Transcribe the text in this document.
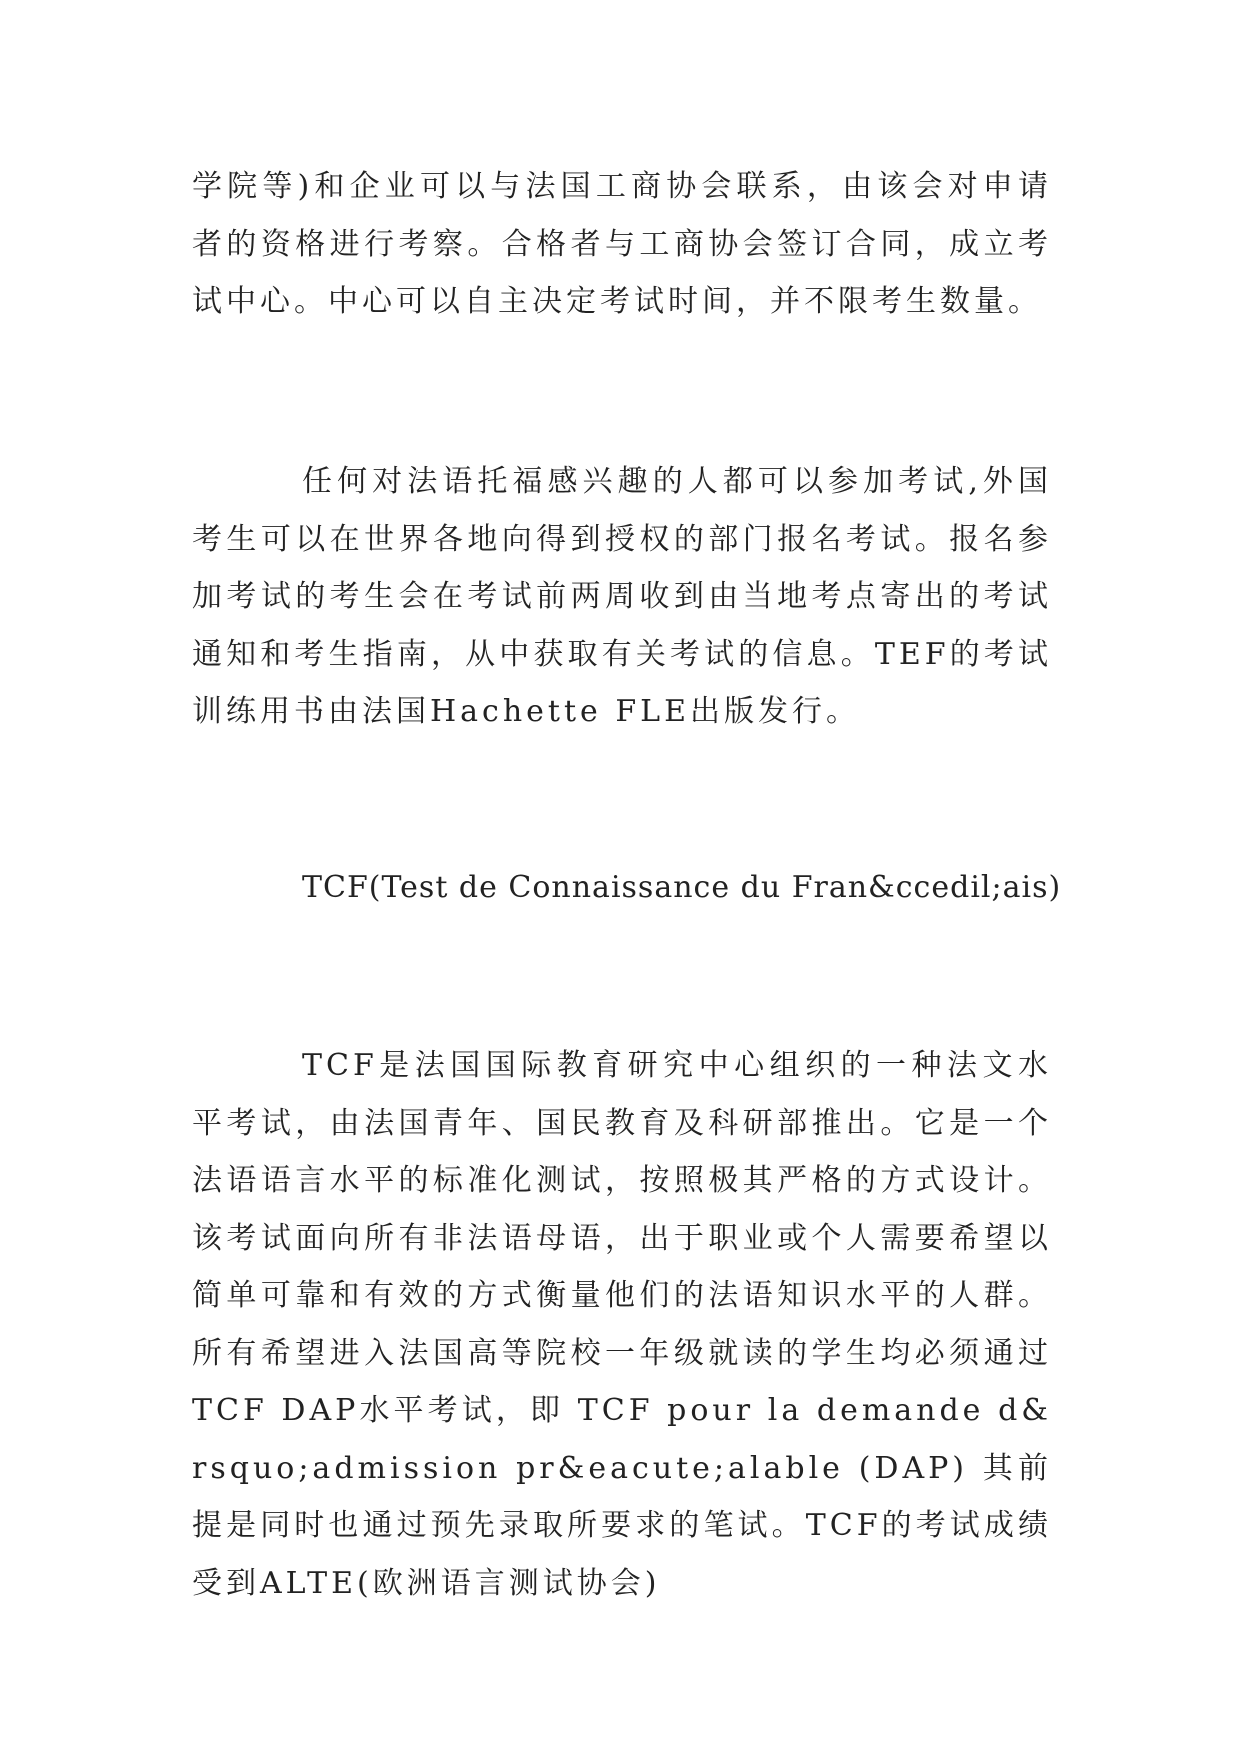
学院等)和企业可以与法国工商协会联系，由该会对申请者的资格进行考察。合格者与工商协会签订合同，成立考试中心。中心可以自主决定考试时间，并不限考生数量。

任何对法语托福感兴趣的人都可以参加考试,外国考生可以在世界各地向得到授权的部门报名考试。报名参加考试的考生会在考试前两周收到由当地考点寄出的考试通知和考生指南，从中获取有关考试的信息。TEF的考试训练用书由法国Hachette FLE出版发行。

TCF(Test de Connaissance du Fran&ccedil;ais)

TCF是法国国际教育研究中心组织的一种法文水平考试，由法国青年、国民教育及科研部推出。它是一个法语语言水平的标准化测试，按照极其严格的方式设计。该考试面向所有非法语母语，出于职业或个人需要希望以简单可靠和有效的方式衡量他们的法语知识水平的人群。所有希望进入法国高等院校一年级就读的学生均必须通过TCF DAP水平考试，即 TCF pour la demande d&rsquo;admission pr&eacute;alable (DAP) 其前提是同时也通过预先录取所要求的笔试。TCF的考试成绩受到ALTE(欧洲语言测试协会)
